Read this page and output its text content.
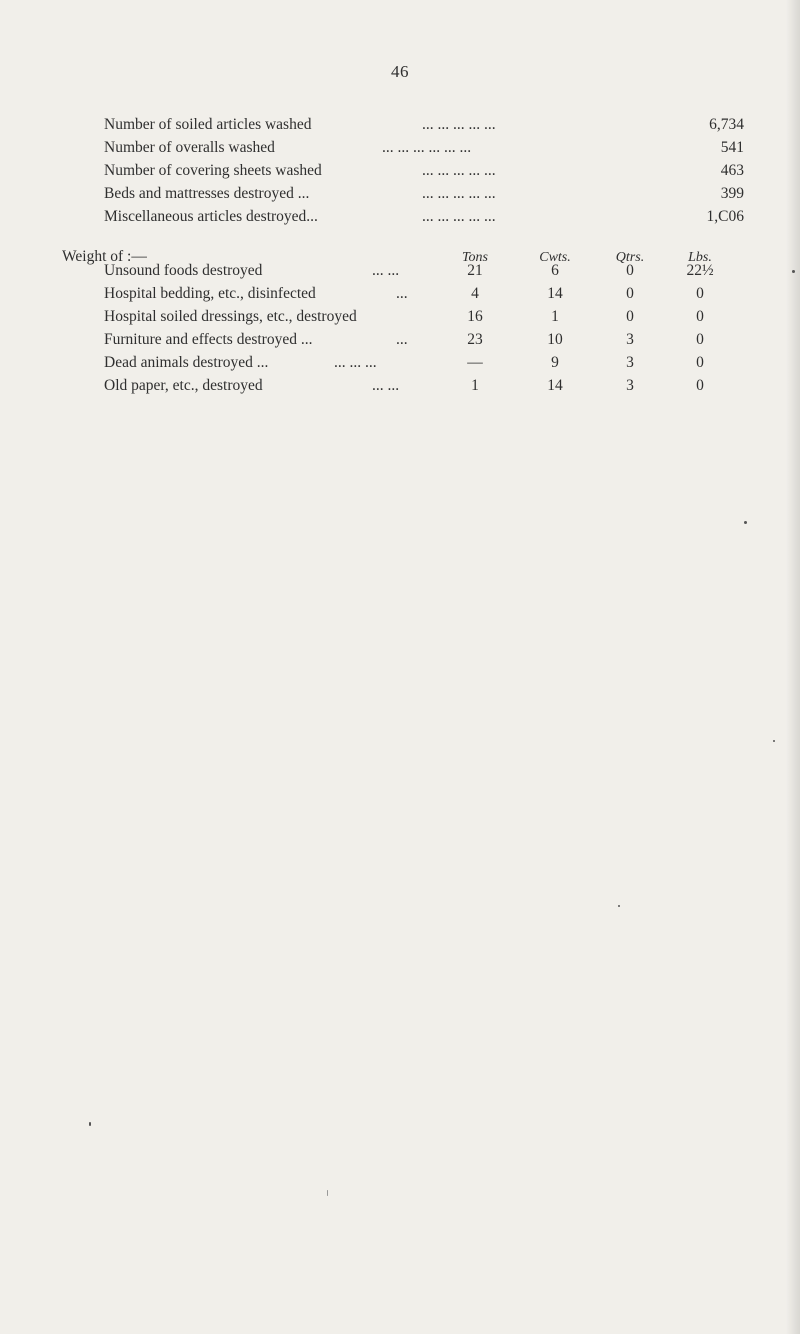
46
Number of soiled articles washed	... ... ... ... ...	6,734
Number of overalls washed	... ... ... ... ... ...	541
Number of covering sheets washed	... ... ... ... ...	463
Beds and mattresses destroyed ...	... ... ... ... ...	399
Miscellaneous articles destroyed...	... ... ... ... ...	1,C06
Weight of :—	Tons	Cwts.	Qtrs.	Lbs.
Unsound foods destroyed	... ...	21	6	0	22½
Hospital bedding, etc., disinfected	...	4	14	0	0
Hospital soiled dressings, etc., destroyed	16	1	0	0
Furniture and effects destroyed ...	...	23	10	3	0
Dead animals destroyed ...	... ... ...	—	9	3	0
Old paper, etc., destroyed	... ...	1	14	3	0
